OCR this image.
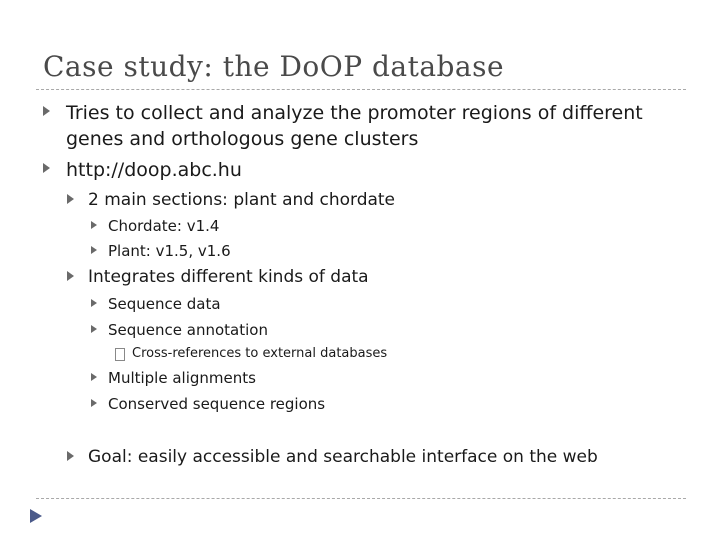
Case study: the DoOP database
Tries to collect and analyze the promoter regions of different
genes and orthologous gene clusters
http://doop.abc.hu
2 main sections: plant and chordate
Chordate: v1.4
Plant: v1.5, v1.6
Integrates different kinds of data
Sequence data
Sequence annotation
Cross-references to external databases
Multiple alignments
Conserved sequence regions
Goal: easily accessible and searchable interface on the web
